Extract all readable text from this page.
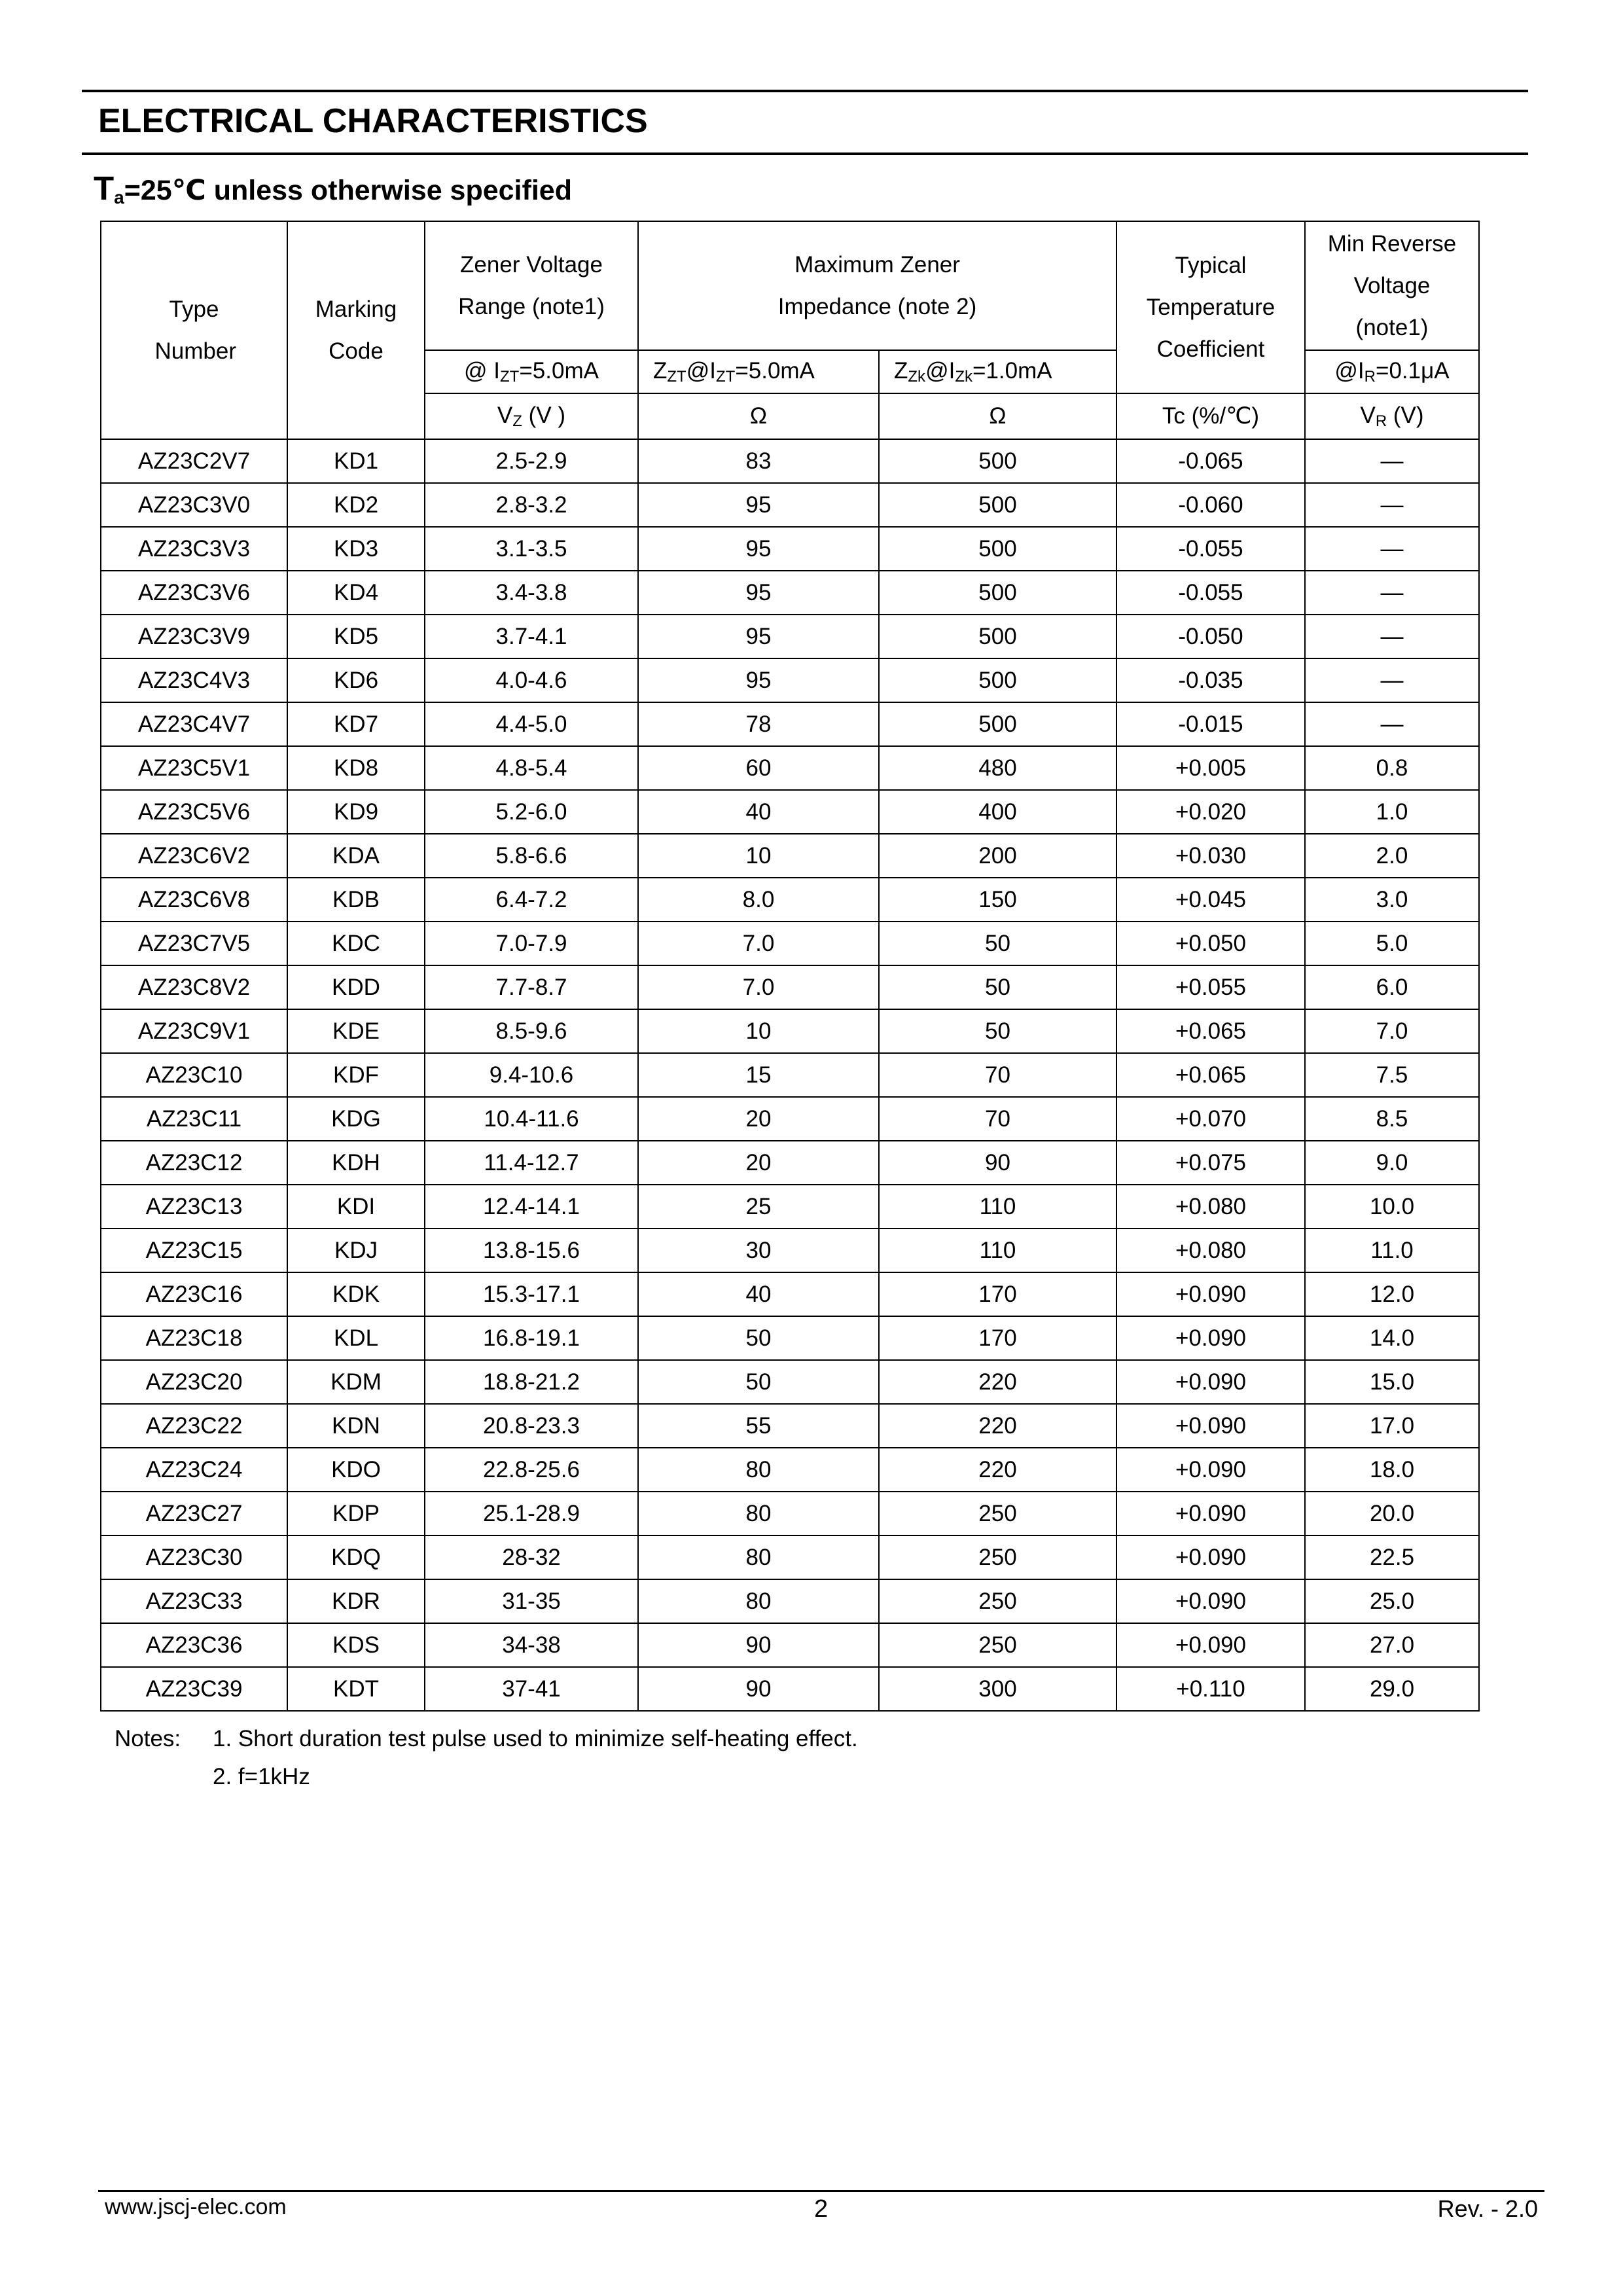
ELECTRICAL CHARACTERISTICS
$T_a=25℃$ unless otherwise specified
Type Number	Marking Code	Zener Voltage Range (note1)	Maximum Zener Impedance (note 2)		Typical Temperature Coefficient	Min Reverse Voltage (note1)

		@ $I_{ZT}=5.0mA$	$Z_{ZT}@I_{ZT}=5.0mA$	$Z_{Zk}@I_{Zk}=1.0mA$		$@I_R=0.1\mu A$
		$V_Z$ (V )	Ω	Ω	Tc (%/℃)	$V_R$ (V)
AZ23C2V7	KD1	2.5-2.9	83	500	-0.065	—
AZ23C3V0	KD2	2.8-3.2	95	500	-0.060	—
AZ23C3V3	KD3	3.1-3.5	95	500	-0.055	—
AZ23C3V6	KD4	3.4-3.8	95	500	-0.055	—
AZ23C3V9	KD5	3.7-4.1	95	500	-0.050	—
AZ23C4V3	KD6	4.0-4.6	95	500	-0.035	—
AZ23C4V7	KD7	4.4-5.0	78	500	-0.015	—
AZ23C5V1	KD8	4.8-5.4	60	480	+0.005	0.8
AZ23C5V6	KD9	5.2-6.0	40	400	+0.020	1.0
AZ23C6V2	KDA	5.8-6.6	10	200	+0.030	2.0
AZ23C6V8	KDB	6.4-7.2	8.0	150	+0.045	3.0
AZ23C7V5	KDC	7.0-7.9	7.0	50	+0.050	5.0
AZ23C8V2	KDD	7.7-8.7	7.0	50	+0.055	6.0
AZ23C9V1	KDE	8.5-9.6	10	50	+0.065	7.0
AZ23C10	KDF	9.4-10.6	15	70	+0.065	7.5
AZ23C11	KDG	10.4-11.6	20	70	+0.070	8.5
AZ23C12	KDH	11.4-12.7	20	90	+0.075	9.0
AZ23C13	KDI	12.4-14.1	25	110	+0.080	10.0
AZ23C15	KDJ	13.8-15.6	30	110	+0.080	11.0
AZ23C16	KDK	15.3-17.1	40	170	+0.090	12.0
AZ23C18	KDL	16.8-19.1	50	170	+0.090	14.0
AZ23C20	KDM	18.8-21.2	50	220	+0.090	15.0
AZ23C22	KDN	20.8-23.3	55	220	+0.090	17.0
AZ23C24	KDO	22.8-25.6	80	220	+0.090	18.0
AZ23C27	KDP	25.1-28.9	80	250	+0.090	20.0
AZ23C30	KDQ	28-32	80	250	+0.090	22.5
AZ23C33	KDR	31-35	80	250	+0.090	25.0
AZ23C36	KDS	34-38	90	250	+0.090	27.0
AZ23C39	KDT	37-41	90	300	+0.110	29.0
Notes: 1. Short duration test pulse used to minimize self-heating effect.
2. f=1kHz
www.jscj-elec.com	2	Rev. - 2.0
